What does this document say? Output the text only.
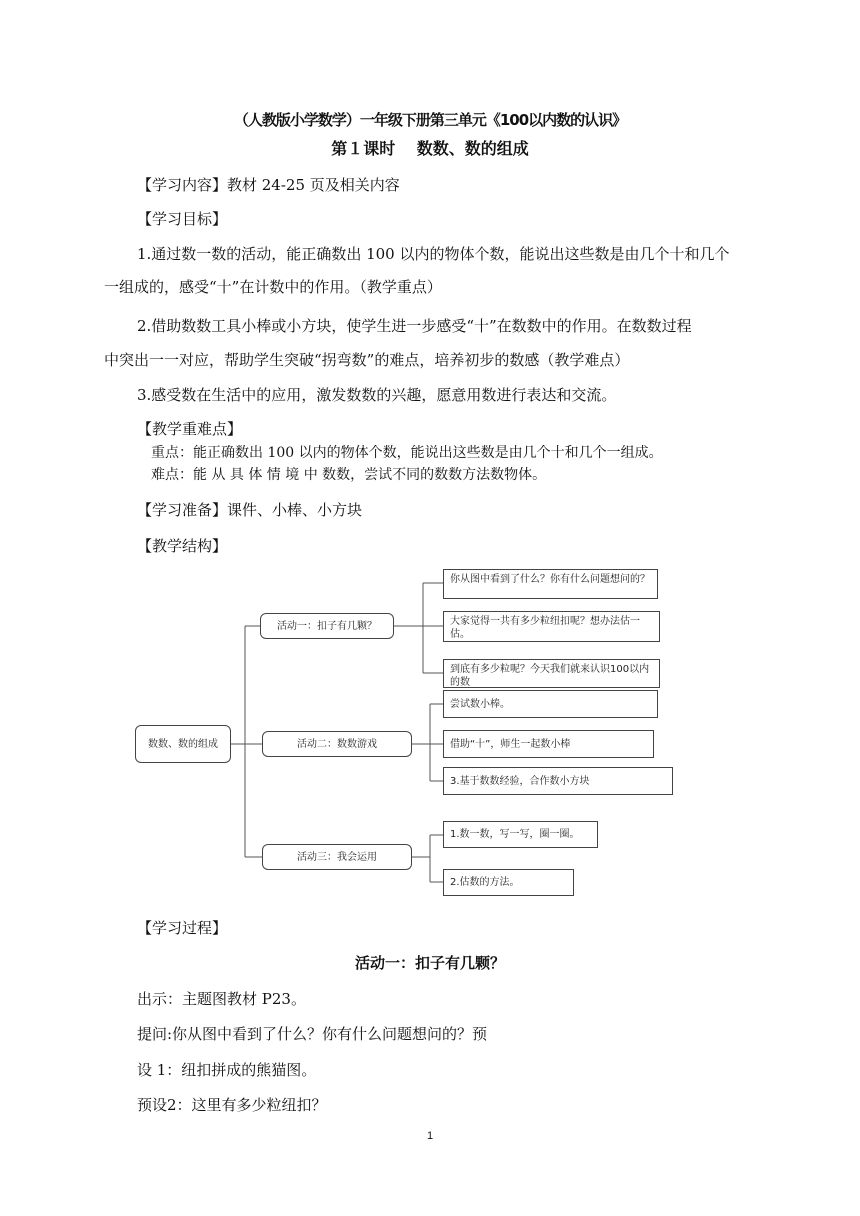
（人教版小学数学）一年级下册第三单元《100以内数的认识》
第１课时　 数数、数的组成
【学习内容】教材 24-25 页及相关内容
【学习目标】
1.通过数一数的活动，能正确数出 100 以内的物体个数，能说出这些数是由几个十和几个
一组成的，感受“十”在计数中的作用。（教学重点）
2.借助数数工具小棒或小方块，使学生进一步感受“十”在数数中的作用。在数数过程
中突出一一对应，帮助学生突破“拐弯数”的难点，培养初步的数感（教学难点）
3.感受数在生活中的应用，激发数数的兴趣，愿意用数进行表达和交流。
【教学重难点】
重点：能正确数出 100 以内的物体个数，能说出这些数是由几个十和几个一组成。
难点：能 从 具 体 情 境 中 数数，尝试不同的数数方法数物体。
【学习准备】课件、小棒、小方块
【教学结构】
数数、数的组成
活动一：扣子有几颗？
活动二：数数游戏
活动三：我会运用
你从图中看到了什么？你有什么问题想问的？
大家觉得一共有多少粒纽扣呢？想办法估一估。
到底有多少粒呢？今天我们就来认识100以内的数
尝试数小棒。
借助“十”，师生一起数小棒
3.基于数数经验，合作数小方块
1.数一数，写一写，圈一圈。
2.估数的方法。
【学习过程】
活动一：扣子有几颗？
出示：主题图教材 P23。
提问:你从图中看到了什么？你有什么问题想问的？预
设 1：纽扣拼成的熊猫图。
预设2：这里有多少粒纽扣？
1
